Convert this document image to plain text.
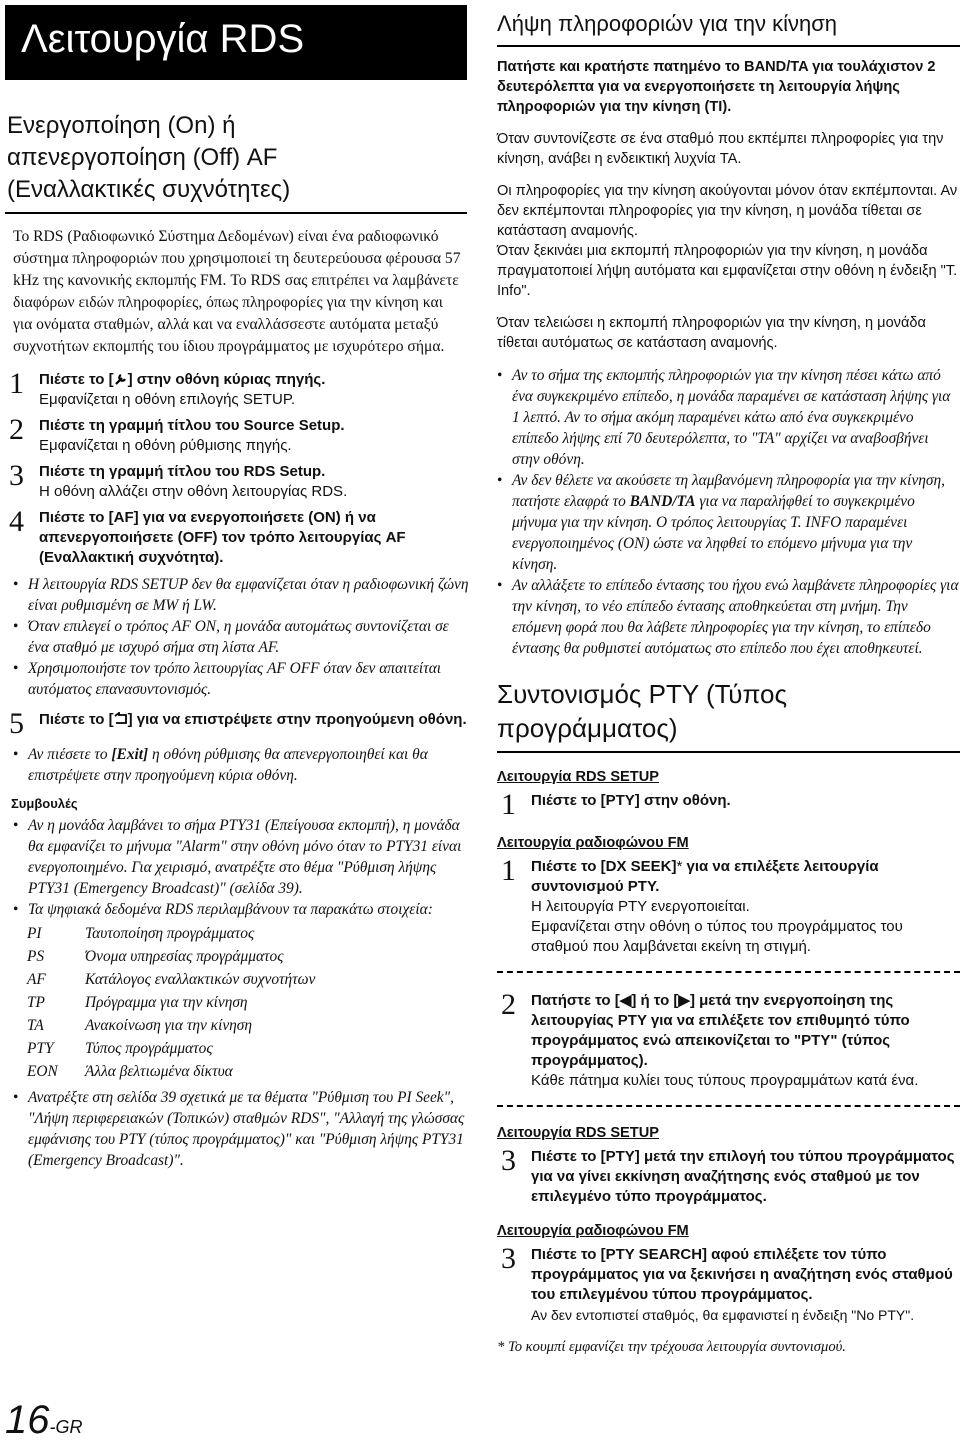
Λειτουργία RDS
Ενεργοποίηση (On) ή
απενεργοποίηση (Off) AF
(Εναλλακτικές συχνότητες)

Το RDS (Ραδιοφωνικό Σύστημα Δεδομένων) είναι ένα ραδιοφωνικό σύστημα πληροφοριών που χρησιμοποιεί τη δευτερεύουσα φέρουσα 57 kHz της κανονικής εκπομπής FM. Το RDS σας επιτρέπει να λαμβάνετε διαφόρων ειδών πληροφορίες, όπως πληροφορίες για την κίνηση και για ονόματα σταθμών, αλλά και να εναλλάσσεστε αυτόματα μεταξύ συχνοτήτων εκπομπής του ίδιου προγράμματος με ισχυρότερο σήμα.

1	Πιέστε το [ ] στην οθόνη κύριας πηγής.
Εμφανίζεται η οθόνη επιλογής SETUP.
2	Πιέστε τη γραμμή τίτλου του Source Setup.
Εμφανίζεται η οθόνη ρύθμισης πηγής.
3	Πιέστε τη γραμμή τίτλου του RDS Setup.
Η οθόνη αλλάζει στην οθόνη λειτουργίας RDS.
4	Πιέστε το [AF] για να ενεργοποιήσετε (ON) ή να απενεργοποιήσετε (OFF) τον τρόπο λειτουργίας AF (Εναλλακτική συχνότητα).
• Η λειτουργία RDS SETUP δεν θα εμφανίζεται όταν η ραδιοφωνική ζώνη είναι ρυθμισμένη σε MW ή LW.
• Όταν επιλεγεί ο τρόπος AF ON, η μονάδα αυτομάτως συντονίζεται σε ένα σταθμό με ισχυρό σήμα στη λίστα AF.
• Χρησιμοποιήστε τον τρόπο λειτουργίας AF OFF όταν δεν απαιτείται αυτόματος επανασυντονισμός.
5	Πιέστε το [ ] για να επιστρέψετε στην προηγούμενη οθόνη.
• Αν πιέσετε το [Exit] η οθόνη ρύθμισης θα απενεργοποιηθεί και θα επιστρέψετε στην προηγούμενη κύρια οθόνη.
Συμβουλές
• Αν η μονάδα λαμβάνει το σήμα PTY31 (Επείγουσα εκπομπή), η μονάδα θα εμφανίζει το μήνυμα "Alarm" στην οθόνη μόνο όταν το PTY31 είναι ενεργοποιημένο. Για χειρισμό, ανατρέξτε στο θέμα "Ρύθμιση λήψης PTY31 (Emergency Broadcast)" (σελίδα 39).
• Τα ψηφιακά δεδομένα RDS περιλαμβάνουν τα παρακάτω στοιχεία:
PI	Ταυτοποίηση προγράμματος
PS	Όνομα υπηρεσίας προγράμματος
AF	Κατάλογος εναλλακτικών συχνοτήτων
TP	Πρόγραμμα για την κίνηση
TA	Ανακοίνωση για την κίνηση
PTY	Τύπος προγράμματος
EON	Άλλα βελτιωμένα δίκτυα
• Ανατρέξτε στη σελίδα 39 σχετικά με τα θέματα "Ρύθμιση του PI Seek", "Λήψη περιφερειακών (Τοπικών) σταθμών RDS", "Αλλαγή της γλώσσας εμφάνισης του PTY (τύπος προγράμματος)" και "Ρύθμιση λήψης PTY31 (Emergency Broadcast)".
16-GR
Λήψη πληροφοριών για την κίνηση

Πατήστε και κρατήστε πατημένο το BAND/TA για τουλάχιστον 2 δευτερόλεπτα για να ενεργοποιήσετε τη λειτουργία λήψης πληροφοριών για την κίνηση (TI).

Όταν συντονίζεστε σε ένα σταθμό που εκπέμπει πληροφορίες για την κίνηση, ανάβει η ενδεικτική λυχνία TA.

Οι πληροφορίες για την κίνηση ακούγονται μόνον όταν εκπέμπονται. Αν δεν εκπέμπονται πληροφορίες για την κίνηση, η μονάδα τίθεται σε κατάσταση αναμονής.

Όταν ξεκινάει μια εκπομπή πληροφοριών για την κίνηση, η μονάδα πραγματοποιεί λήψη αυτόματα και εμφανίζεται στην οθόνη η ένδειξη "T. Info".

Όταν τελειώσει η εκπομπή πληροφοριών για την κίνηση, η μονάδα τίθεται αυτόματως σε κατάσταση αναμονής.

• Αν το σήμα της εκπομπής πληροφοριών για την κίνηση πέσει κάτω από ένα συγκεκριμένο επίπεδο, η μονάδα παραμένει σε κατάσταση λήψης για 1 λεπτό. Αν το σήμα ακόμη παραμένει κάτω από ένα συγκεκριμένο επίπεδο λήψης επί 70 δευτερόλεπτα, το "TA" αρχίζει να αναβοσβήνει στην οθόνη.
• Αν δεν θέλετε να ακούσετε τη λαμβανόμενη πληροφορία για την κίνηση, πατήστε ελαφρά το BAND/TA για να παραλήφθεί το συγκεκριμένο μήνυμα για την κίνηση. Ο τρόπος λειτουργίας T. INFO παραμένει ενεργοποιημένος (ON) ώστε να ληφθεί το επόμενο μήνυμα για την κίνηση.
• Αν αλλάξετε το επίπεδο έντασης του ήχου ενώ λαμβάνετε πληροφορίες για την κίνηση, το νέο επίπεδο έντασης αποθηκεύεται στη μνήμη. Την επόμενη φορά που θα λάβετε πληροφορίες για την κίνηση, το επίπεδο έντασης θα ρυθμιστεί αυτόματως στο επίπεδο που έχει αποθηκευτεί.
Συντονισμός PTY (Τύπος
προγράμματος)
Λειτουργία RDS SETUP
1	Πιέστε το [PTY] στην οθόνη.
Λειτουργία ραδιοφώνου FM
1	Πιέστε το [DX SEEK]* για να επιλέξετε λειτουργία συντονισμού PTY.
Η λειτουργία PTY ενεργοποιείται.
Εμφανίζεται στην οθόνη ο τύπος του προγράμματος του σταθμού που λαμβάνεται εκείνη τη στιγμή.
2	Πατήστε το [◀] ή το [▶] μετά την ενεργοποίηση της λειτουργίας PTY για να επιλέξετε τον επιθυμητό τύπο προγράμματος ενώ απεικονίζεται το "PTY" (τύπος προγράμματος).
Κάθε πάτημα κυλίει τους τύπους προγραμμάτων κατά ένα.
Λειτουργία RDS SETUP
3	Πιέστε το [PTY] μετά την επιλογή του τύπου προγράμματος για να γίνει εκκίνηση αναζήτησης ενός σταθμού με τον επιλεγμένο τύπο προγράμματος.
Λειτουργία ραδιοφώνου FM
3	Πιέστε το [PTY SEARCH] αφού επιλέξετε τον τύπο προγράμματος για να ξεκινήσει η αναζήτηση ενός σταθμού του επιλεγμένου τύπου προγράμματος.
Αν δεν εντοπιστεί σταθμός, θα εμφανιστεί η ένδειξη "No PTY".

* Το κουμπί εμφανίζει την τρέχουσα λειτουργία συντονισμού.
